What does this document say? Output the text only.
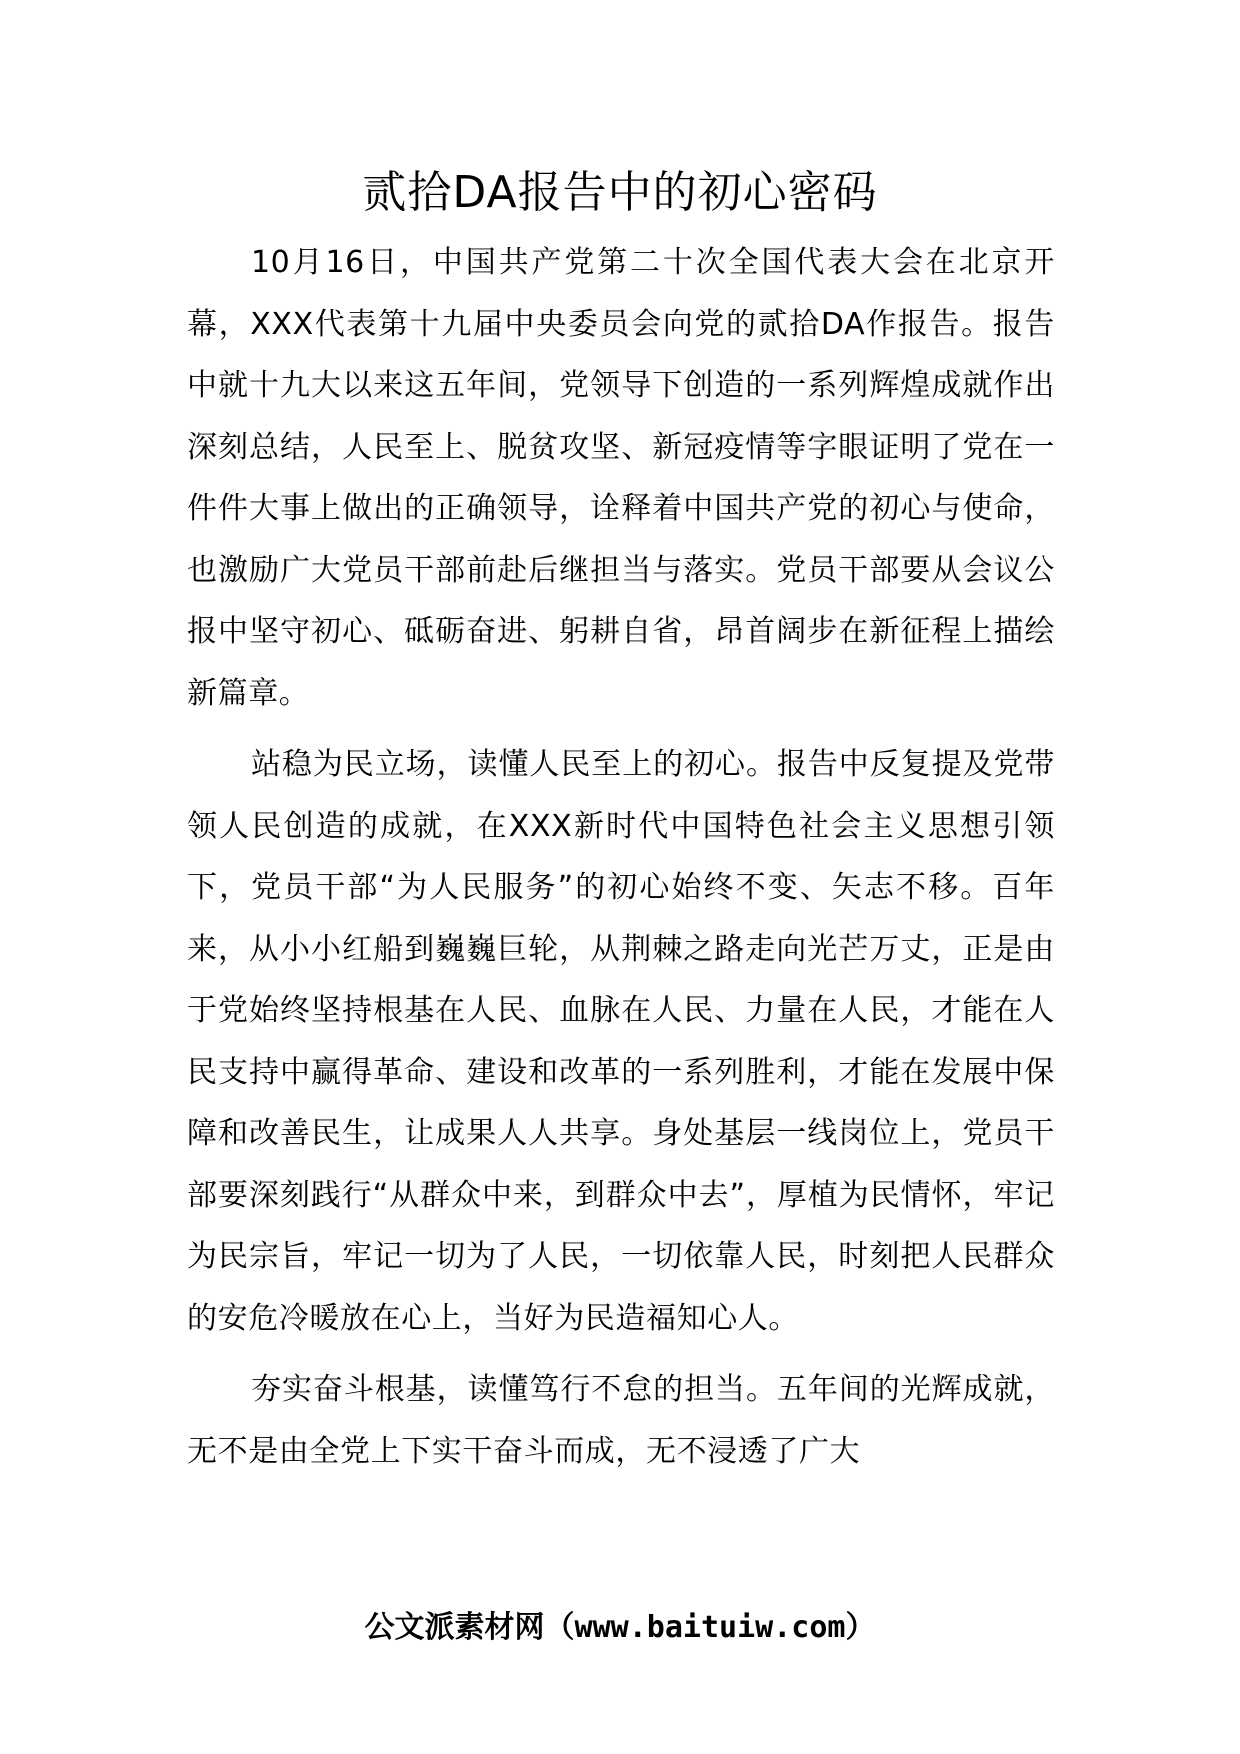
贰拾DA报告中的初心密码

10月16日，中国共产党第二十次全国代表大会在北京开幕，XXX代表第十九届中央委员会向党的贰拾DA作报告。报告中就十九大以来这五年间，党领导下创造的一系列辉煌成就作出深刻总结，人民至上、脱贫攻坚、新冠疫情等字眼证明了党在一件件大事上做出的正确领导，诠释着中国共产党的初心与使命，也激励广大党员干部前赴后继担当与落实。党员干部要从会议公报中坚守初心、砥砺奋进、躬耕自省，昂首阔步在新征程上描绘新篇章。

站稳为民立场，读懂人民至上的初心。报告中反复提及党带领人民创造的成就，在XXX新时代中国特色社会主义思想引领下，党员干部“为人民服务”的初心始终不变、矢志不移。百年来，从小小红船到巍巍巨轮，从荆棘之路走向光芒万丈，正是由于党始终坚持根基在人民、血脉在人民、力量在人民，才能在人民支持中赢得革命、建设和改革的一系列胜利，才能在发展中保障和改善民生，让成果人人共享。身处基层一线岗位上，党员干部要深刻践行“从群众中来，到群众中去”，厚植为民情怀，牢记为民宗旨，牢记一切为了人民，一切依靠人民，时刻把人民群众的安危冷暖放在心上，当好为民造福知心人。

夯实奋斗根基，读懂笃行不怠的担当。五年间的光辉成就，无不是由全党上下实干奋斗而成，无不浸透了广大

公文派素材网（www.baituiw.com）
